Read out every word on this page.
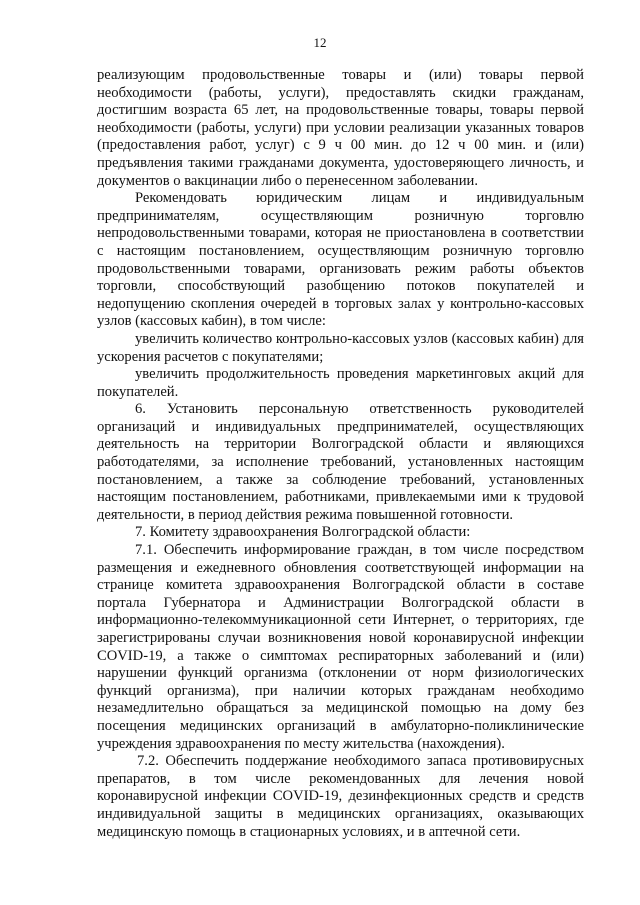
12

реализующим продовольственные товары и (или) товары первой необходимости (работы, услуги), предоставлять скидки гражданам, достигшим возраста 65 лет, на продовольственные товары, товары первой необходимости (работы, услуги) при условии реализации указанных товаров (предоставления работ, услуг) с 9 ч 00 мин. до 12 ч 00 мин. и (или) предъявления такими гражданами документа, удостоверяющего личность, и документов о вакцинации либо о перенесенном заболевании.

Рекомендовать юридическим лицам и индивидуальным предпринимателям, осуществляющим розничную торговлю непродовольственными товарами, которая не приостановлена в соответствии с настоящим постановлением, осуществляющим розничную торговлю продовольственными товарами, организовать режим работы объектов торговли, способствующий разобщению потоков покупателей и недопущению скопления очередей в торговых залах у контрольно-кассовых узлов (кассовых кабин), в том числе:

увеличить количество контрольно-кассовых узлов (кассовых кабин) для ускорения расчетов с покупателями;

увеличить продолжительность проведения маркетинговых акций для покупателей.

6. Установить персональную ответственность руководителей организаций и индивидуальных предпринимателей, осуществляющих деятельность на территории Волгоградской области и являющихся работодателями, за исполнение требований, установленных настоящим постановлением, а также за соблюдение требований, установленных настоящим постановлением, работниками, привлекаемыми ими к трудовой деятельности, в период действия режима повышенной готовности.

7. Комитету здравоохранения Волгоградской области:

7.1. Обеспечить информирование граждан, в том числе посредством размещения и ежедневного обновления соответствующей информации на странице комитета здравоохранения Волгоградской области в составе портала Губернатора и Администрации Волгоградской области в информационно-телекоммуникационной сети Интернет, о территориях, где зарегистрированы случаи возникновения новой коронавирусной инфекции COVID-19, а также о симптомах респираторных заболеваний и (или) нарушении функций организма (отклонении от норм физиологических функций организма), при наличии которых гражданам необходимо незамедлительно обращаться за медицинской помощью на дому без посещения медицинских организаций в амбулаторно-поликлинические учреждения здравоохранения по месту жительства (нахождения).

7.2. Обеспечить поддержание необходимого запаса противовирусных препаратов, в том числе рекомендованных для лечения новой коронавирусной инфекции COVID-19, дезинфекционных средств и средств индивидуальной защиты в медицинских организациях, оказывающих медицинскую помощь в стационарных условиях, и в аптечной сети.
